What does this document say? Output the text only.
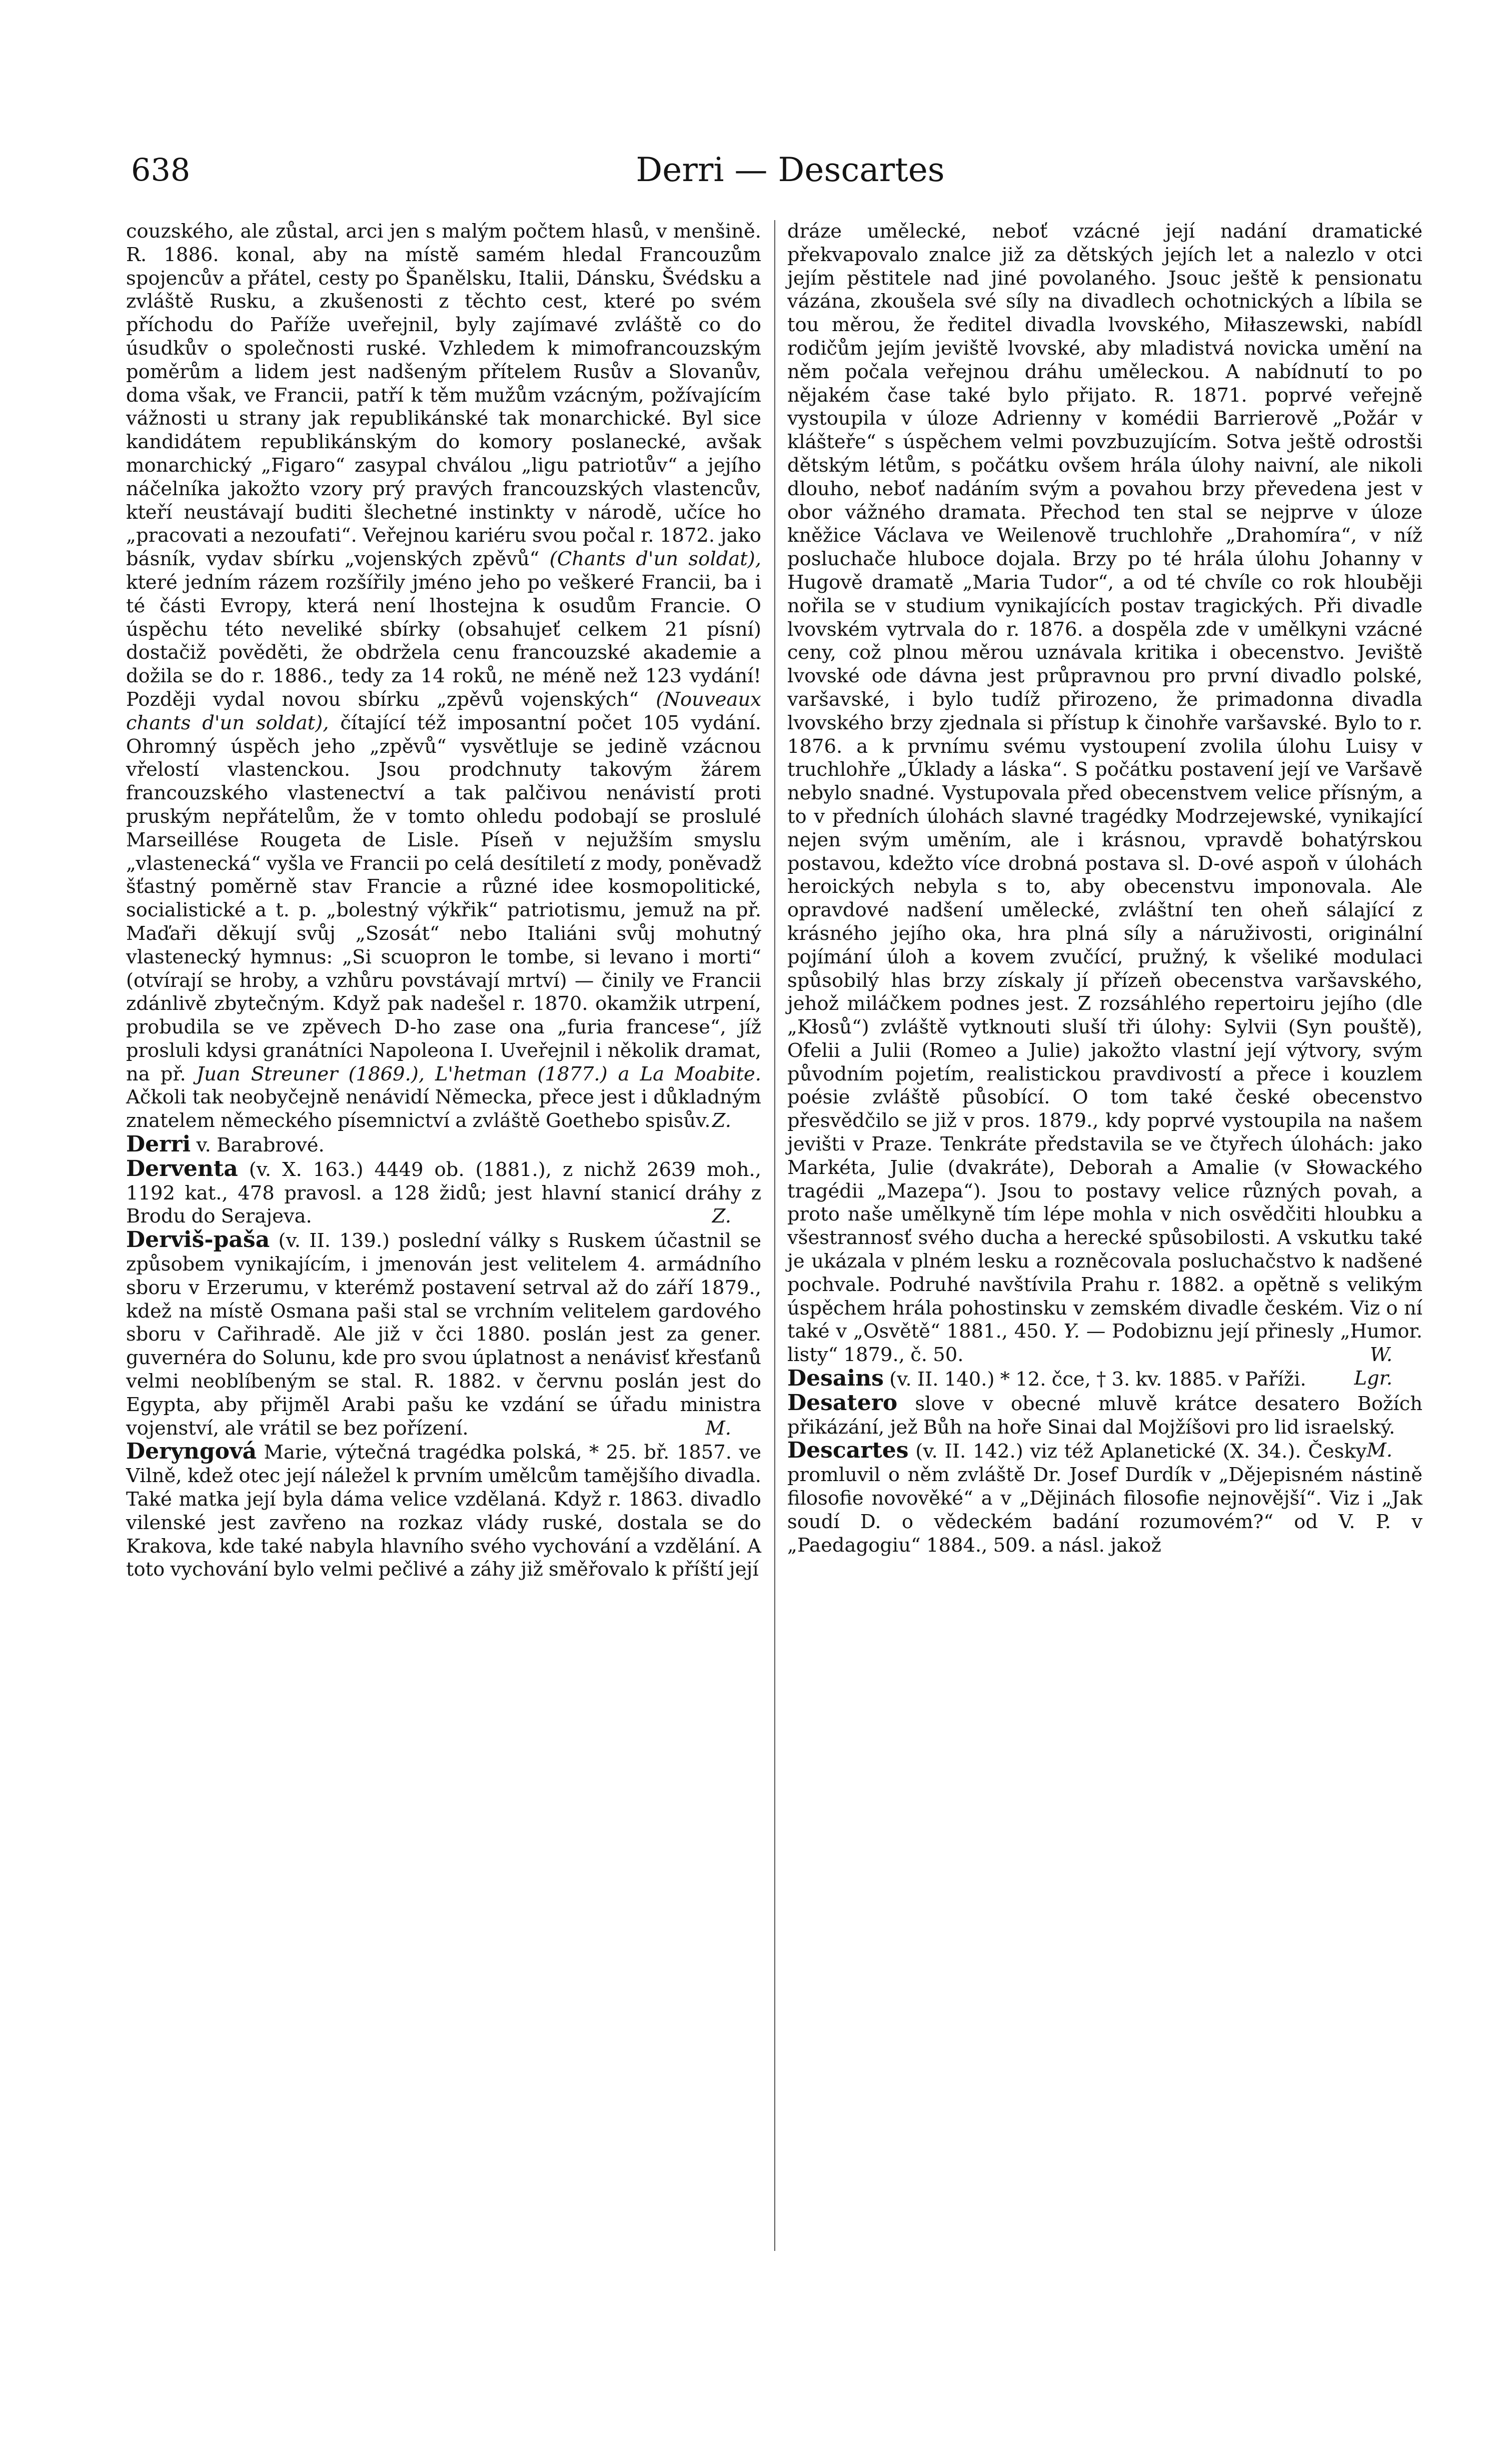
638	Derri — Descartes

couzského, ale zůstal, arci jen s malým počtem hlasů, v menšině. R. 1886. konal, aby na místě samém hledal Francouzům spojencův a přátel, cesty po Španělsku, Italii, Dánsku, Švédsku a zvláště Rusku, a zkušenosti z těchto cest, které po svém příchodu do Paříže uveřejnil, byly zajímavé zvláště co do úsudkův o společnosti ruské. Vzhledem k mimofrancouzským poměrům a lidem jest nadšeným přítelem Rusův a Slovanův, doma však, ve Francii, patří k těm mužům vzácným, požívajícím vážnosti u strany jak republikánské tak monarchické. Byl sice kandidátem republikánským do komory poslanecké, avšak monarchický „Figaro“ zasypal chválou „ligu patriotův“ a jejího náčelníka jakožto vzory prý pravých francouzských vlastencův, kteří neustávají buditi šlechetné instinkty v národě, učíce ho „pracovati a nezoufati“. Veřejnou kariéru svou počal r. 1872. jako básník, vydav sbírku „vojenských zpěvů“ (Chants d'un soldat), které jedním rázem rozšířily jméno jeho po veškeré Francii, ba i té části Evropy, která není lhostejna k osudům Francie. O úspěchu této neveliké sbírky (obsahujeť celkem 21 písní) dostačiž pověděti, že obdržela cenu francouzské akademie a dožila se do r. 1886., tedy za 14 roků, ne méně než 123 vydání! Později vydal novou sbírku „zpěvů vojenských“ (Nouveaux chants d'un soldat), čítající též imposantní počet 105 vydání. Ohromný úspěch jeho „zpěvů“ vysvětluje se jedině vzácnou vřelostí vlastenckou. Jsou prodchnuty takovým žárem francouzského vlastenectví a tak palčivou nenávistí proti pruským nepřátelům, že v tomto ohledu podobají se proslulé Marseillése Rougeta de Lisle. Píseň v nejužším smyslu „vlastenecká“ vyšla ve Francii po celá desítiletí z mody, poněvadž šťastný poměrně stav Francie a různé idee kosmopolitické, socialistické a t. p. „bolestný výkřik“ patriotismu, jemuž na př. Maďaři děkují svůj „Szosát“ nebo Italiáni svůj mohutný vlastenecký hymnus: „Si scuopron le tombe, si levano i morti“ (otvírají se hroby, a vzhůru povstávají mrtví) — činily ve Francii zdánlivě zbytečným. Když pak nadešel r. 1870. okamžik utrpení, probudila se ve zpěvech D-ho zase ona „furia francese“, jíž prosluli kdysi granátníci Napoleona I. Uveřejnil i několik dramat, na př. Juan Streuner (1869.), L'hetman (1877.) a La Moabite. Ačkoli tak neobyčejně nenávidí Německa, přece jest i důkladným znatelem německého písemnictví a zvláště Goethebo spisův. Z.

Derri v. Barabrové.

Derventa (v. X. 163.) 4449 ob. (1881.), z nichž 2639 moh., 1192 kat., 478 pravosl. a 128 židů; jest hlavní stanicí dráhy z Brodu do Serajeva.	Z.

Derviš-paša (v. II. 139.) poslední války s Ruskem účastnil se způsobem vynikajícím, i jmenován jest velitelem 4. armádního sboru v Erzerumu, v kterémž postavení setrval až do září 1879., kdež na místě Osmana paši stal se vrchním velitelem gardového sboru v Cařihradě. Ale již v čci 1880. poslán jest za gener. guvernéra do Solunu, kde pro svou úplatnost a nenávisť křesťanů velmi neoblíbeným se stal. R. 1882. v červnu poslán jest do Egypta, aby přijměl Arabi pašu ke vzdání se úřadu ministra vojenství, ale vrátil se bez pořízení.	M.

Deryngová Marie, výtečná tragédka polská, * 25. bř. 1857. ve Vilně, kdež otec její náležel k prvním umělcům tamějšího divadla. Také matka její byla dáma velice vzdělaná. Když r. 1863. divadlo vilenské jest zavřeno na rozkaz vlády ruské, dostala se do Krakova, kde také nabyla hlavního svého vychování a vzdělání. A toto vychování bylo velmi pečlivé a záhy již směřovalo k příští její

dráze umělecké, neboť vzácné její nadání dramatické překvapovalo znalce již za dětských jejích let a nalezlo v otci jejím pěstitele nad jiné povolaného. Jsouc ještě k pensionatu vázána, zkoušela své síly na divadlech ochotnických a líbila se tou měrou, že ředitel divadla lvovského, Miłaszewski, nabídl rodičům jejím jeviště lvovské, aby mladistvá novicka umění na něm počala veřejnou dráhu uměleckou. A nabídnutí to po nějakém čase také bylo přijato. R. 1871. poprvé veřejně vystoupila v úloze Adrienny v komédii Barrierově „Požár v klášteře“ s úspěchem velmi povzbuzujícím. Sotva ještě odrostši dětským létům, s počátku ovšem hrála úlohy naivní, ale nikoli dlouho, neboť nadáním svým a povahou brzy převedena jest v obor vážného dramata. Přechod ten stal se nejprve v úloze kněžice Václava ve Weilenově truchlohře „Drahomíra“, v níž posluchače hluboce dojala. Brzy po té hrála úlohu Johanny v Hugově dramatě „Maria Tudor“, a od té chvíle co rok hlouběji nořila se v studium vynikajících postav tragických. Při divadle lvovském vytrvala do r. 1876. a dospěla zde v umělkyni vzácné ceny, což plnou měrou uznávala kritika i obecenstvo. Jeviště lvovské ode dávna jest průpravnou pro první divadlo polské, varšavské, i bylo tudíž přirozeno, že primadonna divadla lvovského brzy zjednala si přístup k činohře varšavské. Bylo to r. 1876. a k prvnímu svému vystoupení zvolila úlohu Luisy v truchlohře „Úklady a láska“. S počátku postavení její ve Varšavě nebylo snadné. Vystupovala před obecenstvem velice přísným, a to v předních úlohách slavné tragédky Modrzejewské, vynikající nejen svým uměním, ale i krásnou, vpravdě bohatýrskou postavou, kdežto více drobná postava sl. D-ové aspoň v úlohách heroických nebyla s to, aby obecenstvu imponovala. Ale opravdové nadšení umělecké, zvláštní ten oheň sálající z krásného jejího oka, hra plná síly a náruživosti, originální pojímání úloh a kovem zvučící, pružný, k všeliké modulaci spůsobilý hlas brzy získaly jí přízeň obecenstva varšavského, jehož miláčkem podnes jest. Z rozsáhlého repertoiru jejího (dle „Kłosů“) zvláště vytknouti sluší tři úlohy: Sylvii (Syn pouště), Ofelii a Julii (Romeo a Julie) jakožto vlastní její výtvory, svým původním pojetím, realistickou pravdivostí a přece i kouzlem poésie zvláště působící. O tom také české obecenstvo přesvědčilo se již v pros. 1879., kdy poprvé vystoupila na našem jevišti v Praze. Tenkráte představila se ve čtyřech úlohách: jako Markéta, Julie (dvakráte), Deborah a Amalie (v Słowackého tragédii „Mazepa“). Jsou to postavy velice různých povah, a proto naše umělkyně tím lépe mohla v nich osvědčiti hloubku a všestrannosť svého ducha a herecké spůsobilosti. A vskutku také je ukázala v plném lesku a rozněcovala posluchačstvo k nadšené pochvale. Podruhé navštívila Prahu r. 1882. a opětně s velikým úspěchem hrála pohostinsku v zemském divadle českém. Viz o ní také v „Osvětě“ 1881., 450. Y. — Podobiznu její přinesly „Humor. listy“ 1879., č. 50.	W.

Desains (v. II. 140.) * 12. čce, † 3. kv. 1885. v Paříži. Lgr.

Desatero slove v obecné mluvě krátce desatero Božích přikázání, jež Bůh na hoře Sinai dal Mojžíšovi pro lid israelský.
M.

Descartes (v. II. 142.) viz též Aplanetické (X. 34.). Česky promluvil o něm zvláště Dr. Josef Durdík v „Dějepisném nástině filosofie novověké“ a v „Dějinách filosofie nejnovější“. Viz i „Jak soudí D. o vědeckém badání rozumovém?“ od V. P. v „Paedagogiu“ 1884., 509. a násl. jakož
